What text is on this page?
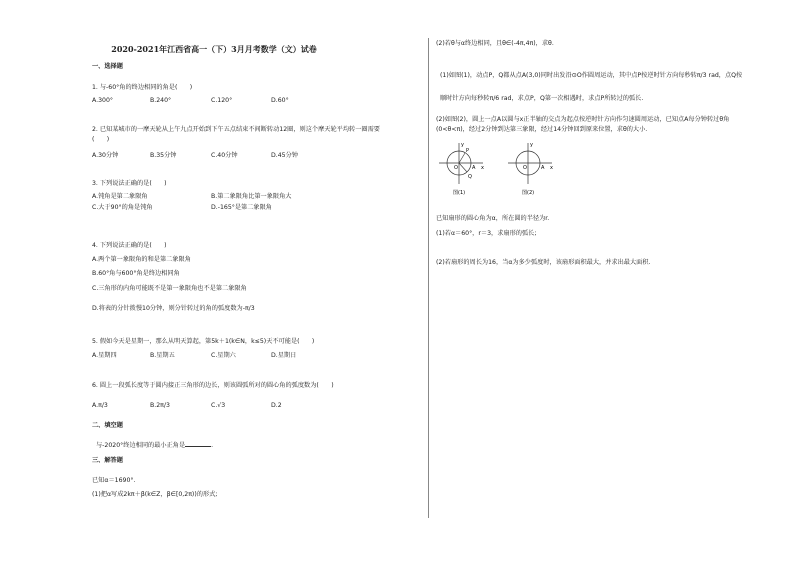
2020-2021年江西省高一（下）3月月考数学（文）试卷
一、选择题
1. 与-60°角的终边相同的角是(　　)
A.300°	B.240°	C.120°	D.60°
2. 已知某城市的一摩天轮从上午九点开始到下午五点结束不间断转动12圈，则这个摩天轮平均转一圈需要
(　　)
A.30分钟	B.35分钟	C.40分钟	D.45分钟
3. 下列说法正确的是(　　)
A.钝角是第二象限角	B.第二象限角比第一象限角大
C.大于90°的角是钝角	D.-165°是第二象限角
4. 下列说法正确的是(　　)
A.两个第一象限角的和是第二象限角
B.60°角与600°角是终边相同角
C.三角形的内角可能既不是第一象限角也不是第二象限角
D.将表的分针拨慢10分钟，则分针转过的角的弧度数为-π/3
5. 假如今天是星期一，那么从明天算起，第5k＋1(k∈N，k≤5)天不可能是(　　)
A.星期四	B.星期五	C.星期六	D.星期日
6. 圆上一段弧长度等于圆内接正三角形的边长，则该圆弧所对的圆心角的弧度数为(　　)
A.π/3	B.2π/3	C.√3	D.2
二、填空题
与-2020°终边相同的最小正角是	.
三、解答题
已知α＝1690°.
(1)把α写成2kπ＋β(k∈Z，β∈[0,2π))的形式;
(2)若θ与α终边相同，且θ∈(-4π,4π)，求θ.
(1)如图(1)，动点P，Q都从点A(3,0)同时出发沿⊙O作圆周运动，其中点P按逆时针方向每秒转π/3 rad，点Q按
顺时针方向每秒转π/6 rad，求点P，Q第一次相遇时，求点P所转过的弧长.
(2)如图(2)，圆上一点A以圆与x正半轴的交点为起点按逆时针方向作匀速圆周运动，已知点A每分钟转过θ角
(0<θ<π)，经过2分钟到达第三象限，经过14分钟回到原来位置，求θ的大小.
y
x
O	A
P
Q
图(1)
y
x
O	A
图(2)
已知扇形的圆心角为α，所在圆的半径为r.
(1)若α＝60°，r＝3，求扇形的弧长;
(2)若扇形的周长为16，当α为多少弧度时，该扇形面积最大，并求出最大面积.
